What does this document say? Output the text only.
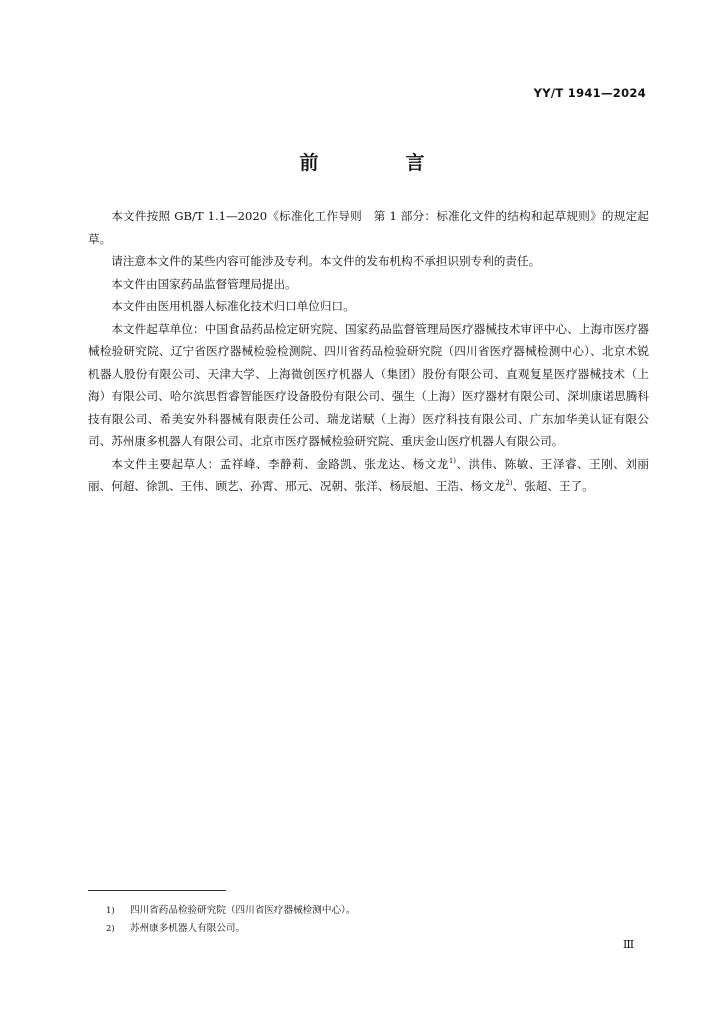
YY/T 1941—2024
前　言

本文件按照 GB/T 1.1—2020《标准化工作导则　第 1 部分：标准化文件的结构和起草规则》的规定起草。

请注意本文件的某些内容可能涉及专利。本文件的发布机构不承担识别专利的责任。

本文件由国家药品监督管理局提出。

本文件由医用机器人标准化技术归口单位归口。

本文件起草单位：中国食品药品检定研究院、国家药品监督管理局医疗器械技术审评中心、上海市医疗器械检验研究院、辽宁省医疗器械检验检测院、四川省药品检验研究院（四川省医疗器械检测中心）、北京术锐机器人股份有限公司、天津大学、上海微创医疗机器人（集团）股份有限公司、直观复星医疗器械技术（上海）有限公司、哈尔滨思哲睿智能医疗设备股份有限公司、强生（上海）医疗器材有限公司、深圳康诺思腾科技有限公司、希美安外科器械有限责任公司、瑞龙诺赋（上海）医疗科技有限公司、广东加华美认证有限公司、苏州康多机器人有限公司、北京市医疗器械检验研究院、重庆金山医疗机器人有限公司。

本文件主要起草人：孟祥峰、李静莉、金路凯、张龙达、杨文龙$^{1)}$、洪伟、陈敏、王泽睿、王刚、刘丽丽、何超、徐凯、王伟、顾艺、孙霄、邢元、况朝、张洋、杨辰旭、王浩、杨文龙$^{2)}$、张超、王了。

1)	四川省药品检验研究院（四川省医疗器械检测中心）。
2)	苏州康多机器人有限公司。
III
